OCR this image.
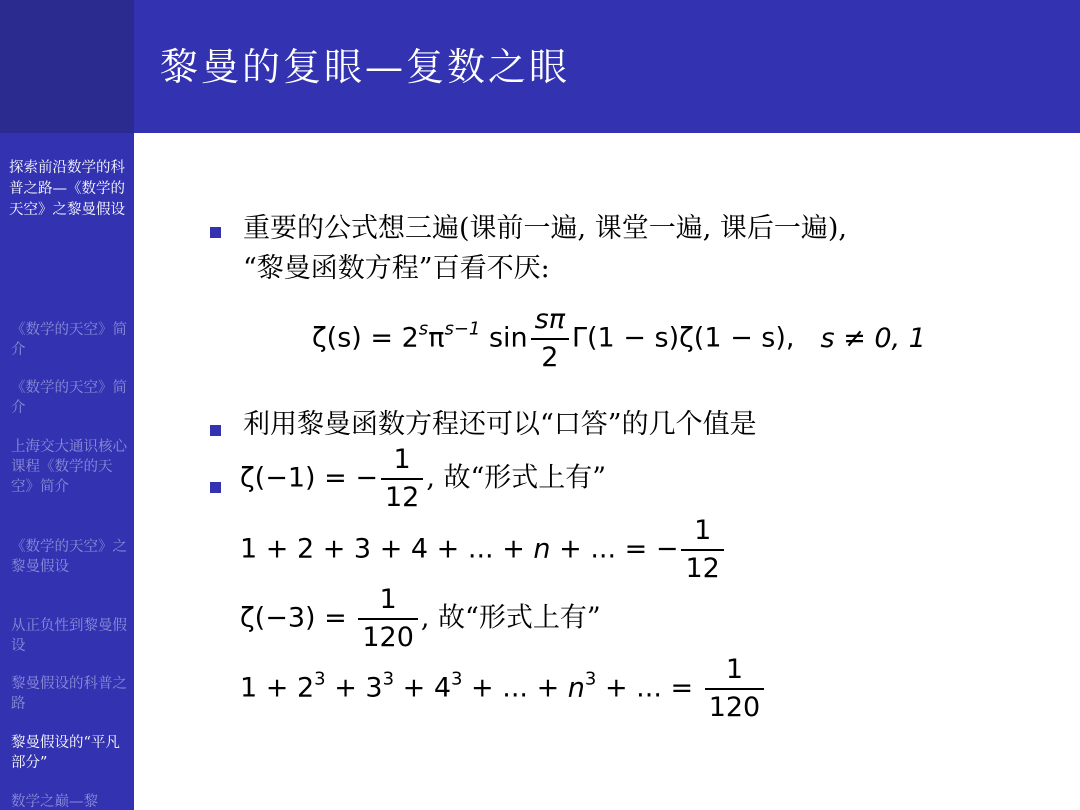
探索前沿数学的科普之路—《数学的天空》之黎曼假设
《数学的天空》简介
《数学的天空》简介
上海交大通识核心课程《数学的天空》简介
《数学的天空》之黎曼假设
从正负性到黎曼假设
黎曼假设的科普之路
黎曼假设的“平凡部分”
数学之巅—黎
黎曼的复眼—复数之眼
重要的公式想三遍(课前一遍, 课堂一遍, 课后一遍),
“黎曼函数方程”百看不厌:
$\zeta(s) = 2^s\pi^{s-1}$ $\sin \frac{s\pi}{2} \Gamma(1 - s)\zeta(1 - s)$, s ≠ 0, 1
利用黎曼函数方程还可以“口答”的几个值是
ζ(−1) = − $\frac{1}{12}$ , 故“形式上有”
1 + 2 + 3 + 4 + ... + n + ... = − $\frac{1}{12}$
$\zeta(-3) = \frac{1}{120}$ , 故“形式上有”
$1 + 2^3 + 3^3 + 4^3$ + ... + $n^3$ + ... = $\frac{1}{120}$
